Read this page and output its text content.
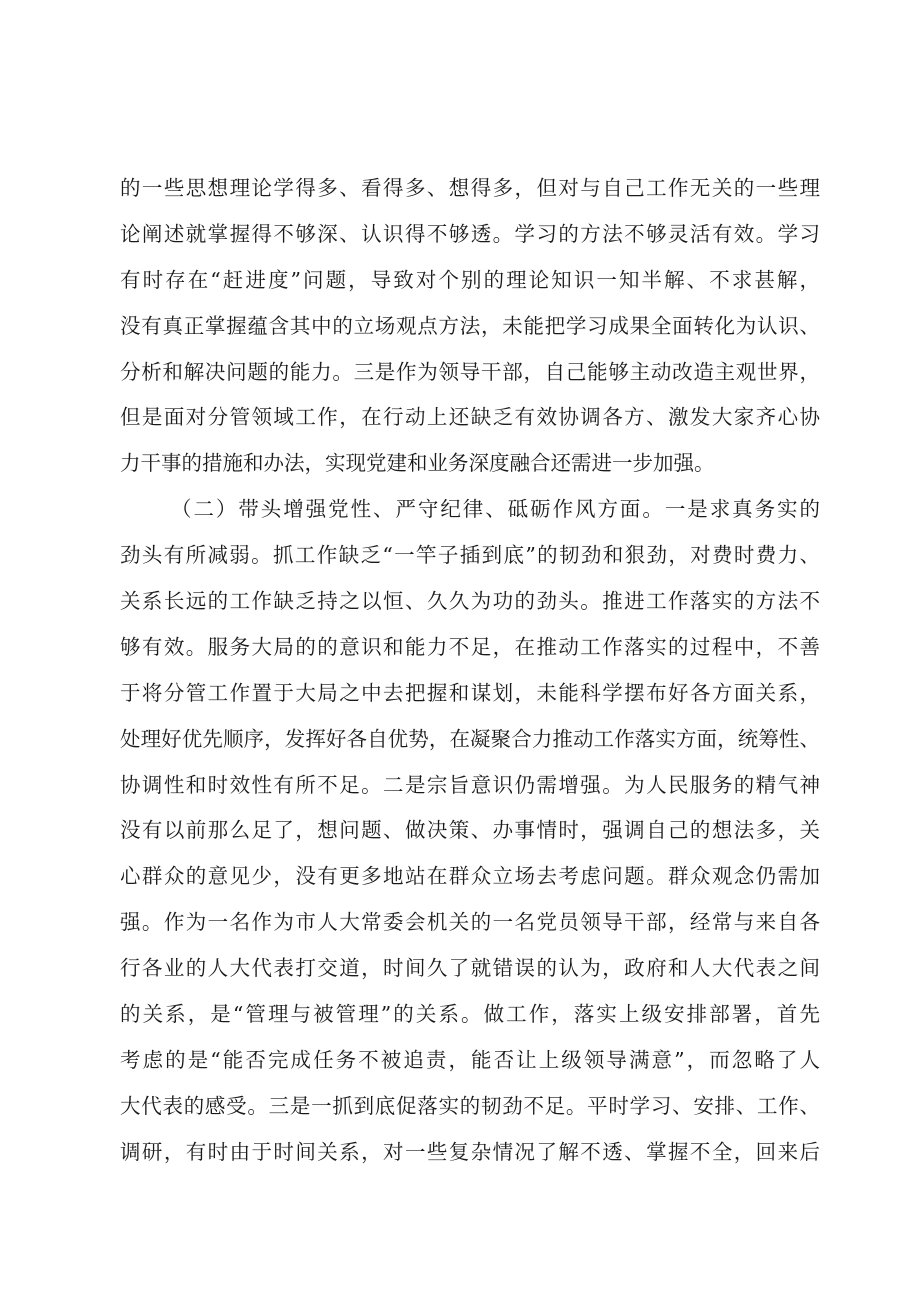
的一些思想理论学得多、看得多、想得多，但对与自己工作无关的一些理
论阐述就掌握得不够深、认识得不够透。学习的方法不够灵活有效。学习
有时存在“赶进度”问题，导致对个别的理论知识一知半解、不求甚解，
没有真正掌握蕴含其中的立场观点方法，未能把学习成果全面转化为认识、
分析和解决问题的能力。三是作为领导干部，自己能够主动改造主观世界，
但是面对分管领域工作，在行动上还缺乏有效协调各方、激发大家齐心协
力干事的措施和办法，实现党建和业务深度融合还需进一步加强。
（二）带头增强党性、严守纪律、砥砺作风方面。一是求真务实的
劲头有所减弱。抓工作缺乏“一竿子插到底”的韧劲和狠劲，对费时费力、
关系长远的工作缺乏持之以恒、久久为功的劲头。推进工作落实的方法不
够有效。服务大局的的意识和能力不足，在推动工作落实的过程中，不善
于将分管工作置于大局之中去把握和谋划，未能科学摆布好各方面关系，
处理好优先顺序，发挥好各自优势，在凝聚合力推动工作落实方面，统筹性、
协调性和时效性有所不足。二是宗旨意识仍需增强。为人民服务的精气神
没有以前那么足了，想问题、做决策、办事情时，强调自己的想法多，关
心群众的意见少，没有更多地站在群众立场去考虑问题。群众观念仍需加
强。作为一名作为市人大常委会机关的一名党员领导干部，经常与来自各
行各业的人大代表打交道，时间久了就错误的认为，政府和人大代表之间
的关系，是“管理与被管理”的关系。做工作，落实上级安排部署，首先
考虑的是“能否完成任务不被追责，能否让上级领导满意”，而忽略了人
大代表的感受。三是一抓到底促落实的韧劲不足。平时学习、安排、工作、
调研，有时由于时间关系，对一些复杂情况了解不透、掌握不全，回来后
